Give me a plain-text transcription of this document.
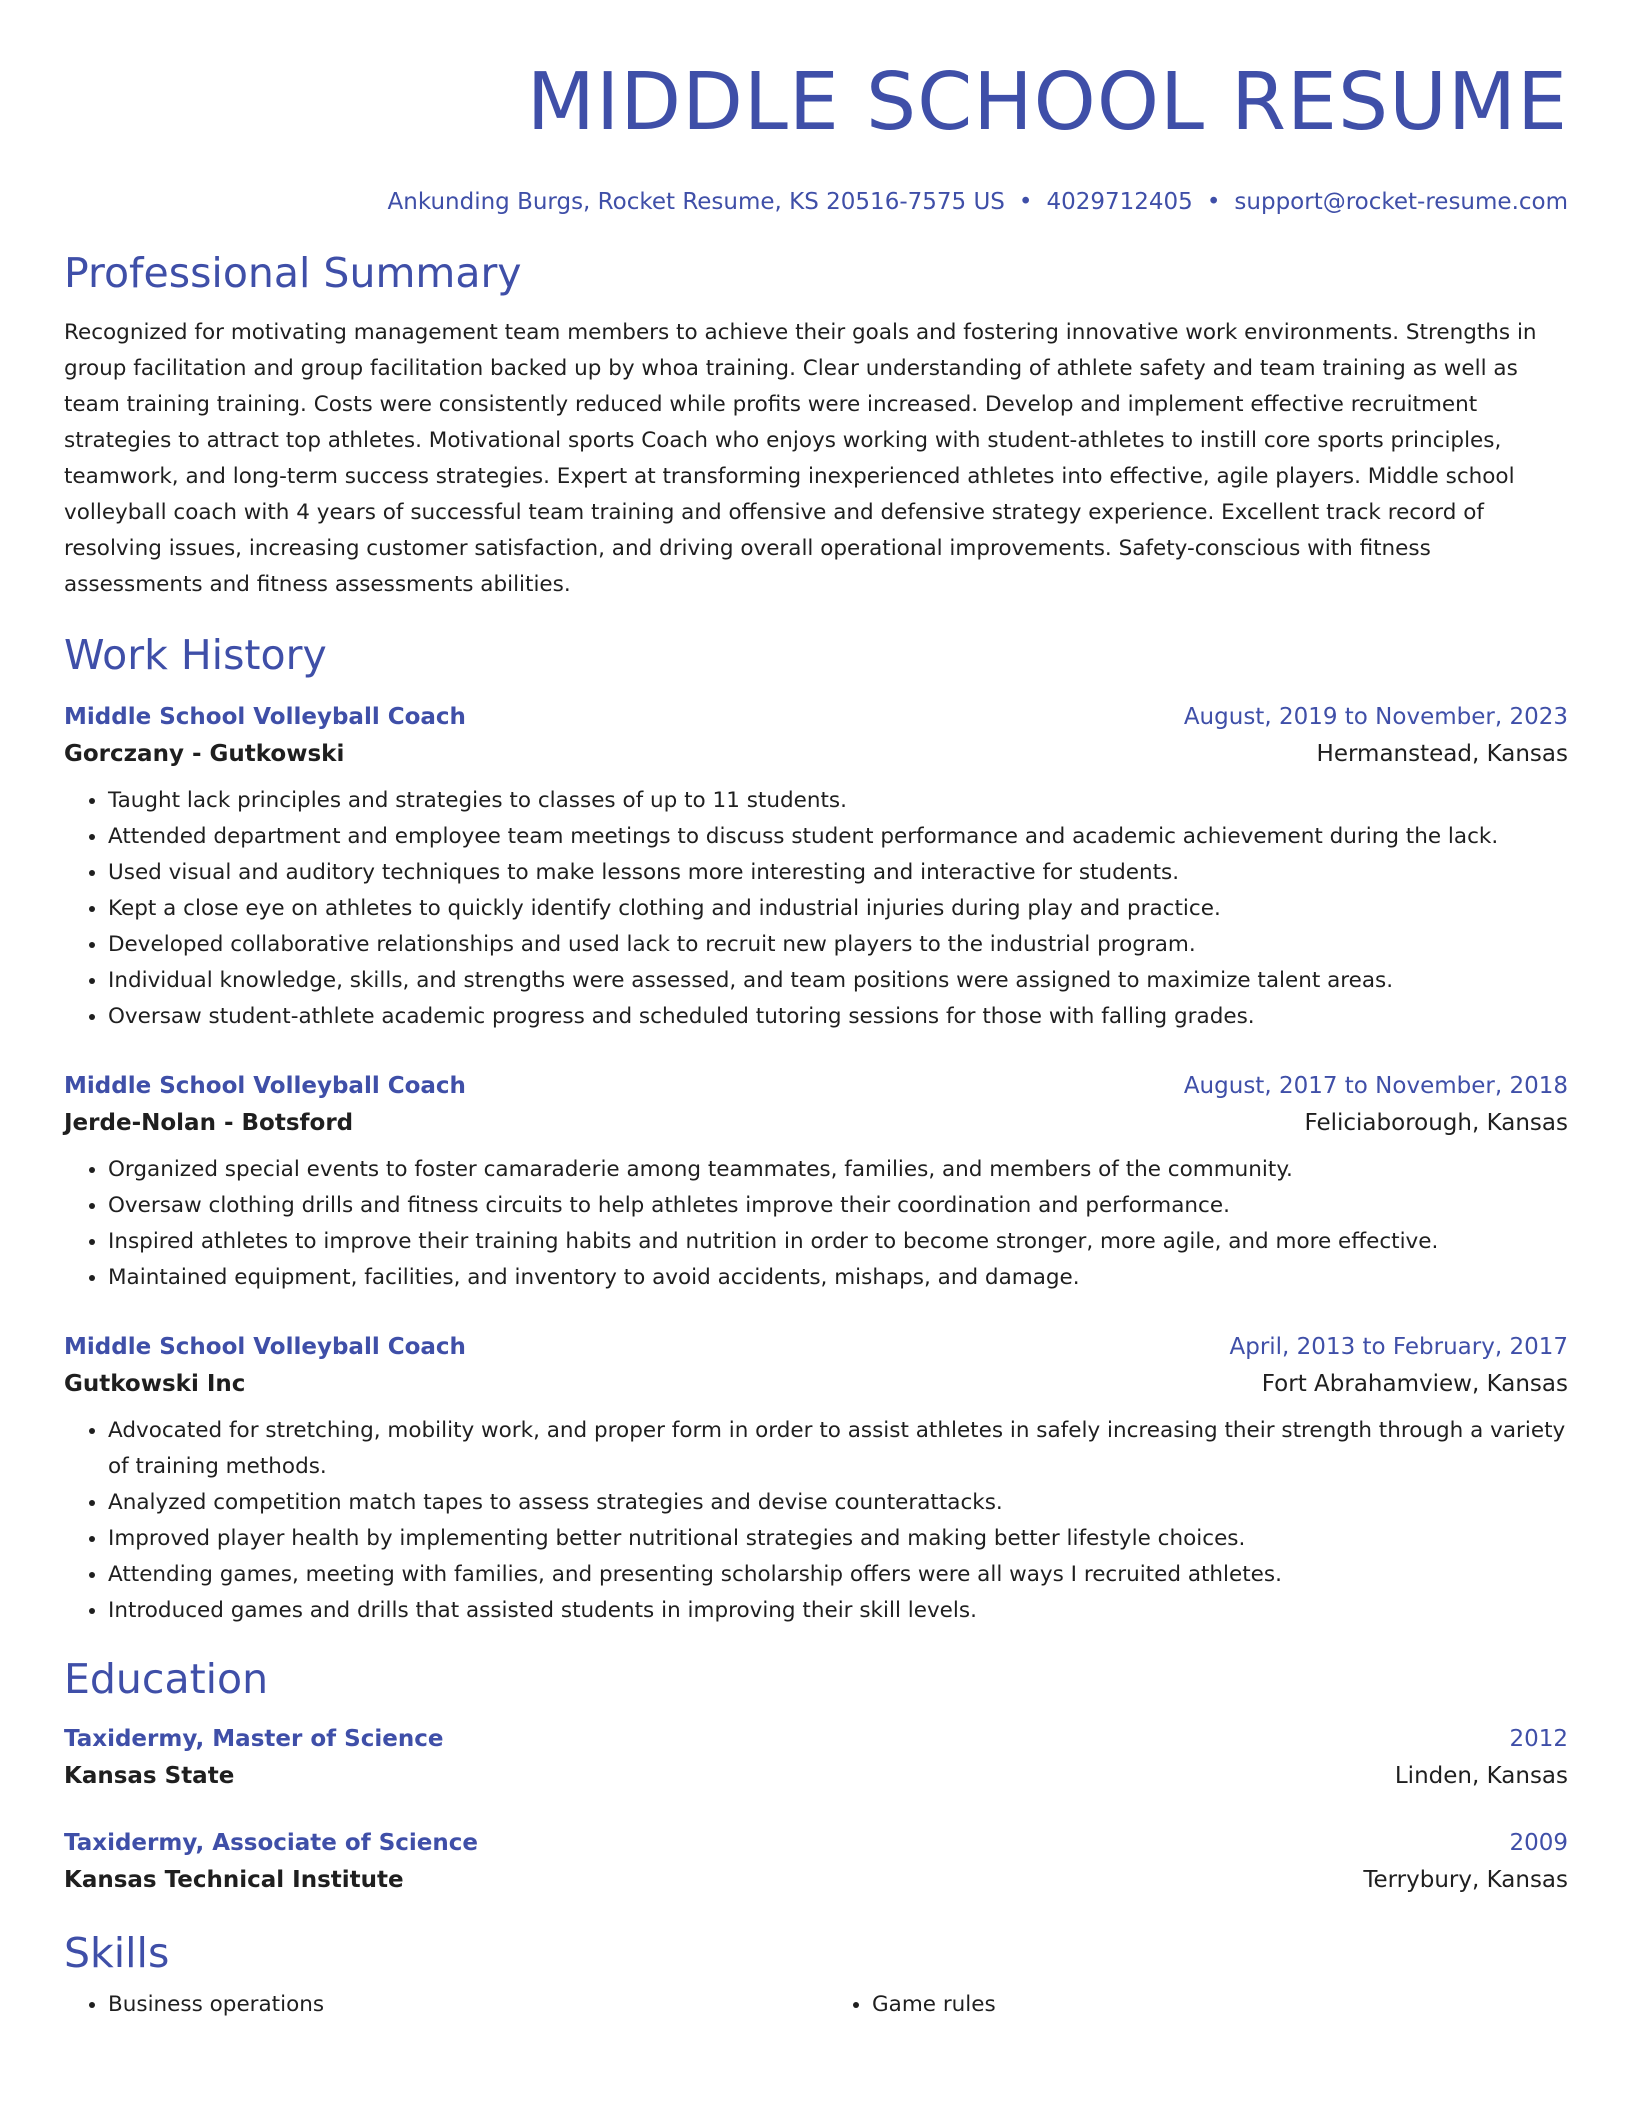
MIDDLE SCHOOL RESUME
Ankunding Burgs, Rocket Resume, KS 20516-7575 US • 4029712405 • support@rocket-resume.com
Professional Summary
Recognized for motivating management team members to achieve their goals and fostering innovative work environments. Strengths in group facilitation and group facilitation backed up by whoa training. Clear understanding of athlete safety and team training as well as team training training. Costs were consistently reduced while profits were increased. Develop and implement effective recruitment strategies to attract top athletes. Motivational sports Coach who enjoys working with student-athletes to instill core sports principles, teamwork, and long-term success strategies. Expert at transforming inexperienced athletes into effective, agile players. Middle school volleyball coach with 4 years of successful team training and offensive and defensive strategy experience. Excellent track record of resolving issues, increasing customer satisfaction, and driving overall operational improvements. Safety-conscious with fitness assessments and fitness assessments abilities.
Work History
Middle School Volleyball Coach	August, 2019 to November, 2023
Gorczany - Gutkowski	Hermanstead, Kansas
• Taught lack principles and strategies to classes of up to 11 students.
• Attended department and employee team meetings to discuss student performance and academic achievement during the lack.
• Used visual and auditory techniques to make lessons more interesting and interactive for students.
• Kept a close eye on athletes to quickly identify clothing and industrial injuries during play and practice.
• Developed collaborative relationships and used lack to recruit new players to the industrial program.
• Individual knowledge, skills, and strengths were assessed, and team positions were assigned to maximize talent areas.
• Oversaw student-athlete academic progress and scheduled tutoring sessions for those with falling grades.
Middle School Volleyball Coach	August, 2017 to November, 2018
Jerde-Nolan - Botsford	Feliciaborough, Kansas
• Organized special events to foster camaraderie among teammates, families, and members of the community.
• Oversaw clothing drills and fitness circuits to help athletes improve their coordination and performance.
• Inspired athletes to improve their training habits and nutrition in order to become stronger, more agile, and more effective.
• Maintained equipment, facilities, and inventory to avoid accidents, mishaps, and damage.
Middle School Volleyball Coach	April, 2013 to February, 2017
Gutkowski Inc	Fort Abrahamview, Kansas
• Advocated for stretching, mobility work, and proper form in order to assist athletes in safely increasing their strength through a variety of training methods.
• Analyzed competition match tapes to assess strategies and devise counterattacks.
• Improved player health by implementing better nutritional strategies and making better lifestyle choices.
• Attending games, meeting with families, and presenting scholarship offers were all ways I recruited athletes.
• Introduced games and drills that assisted students in improving their skill levels.
Education
Taxidermy, Master of Science	2012
Kansas State	Linden, Kansas
Taxidermy, Associate of Science	2009
Kansas Technical Institute	Terrybury, Kansas
Skills
• Business operations
•	Game rules
